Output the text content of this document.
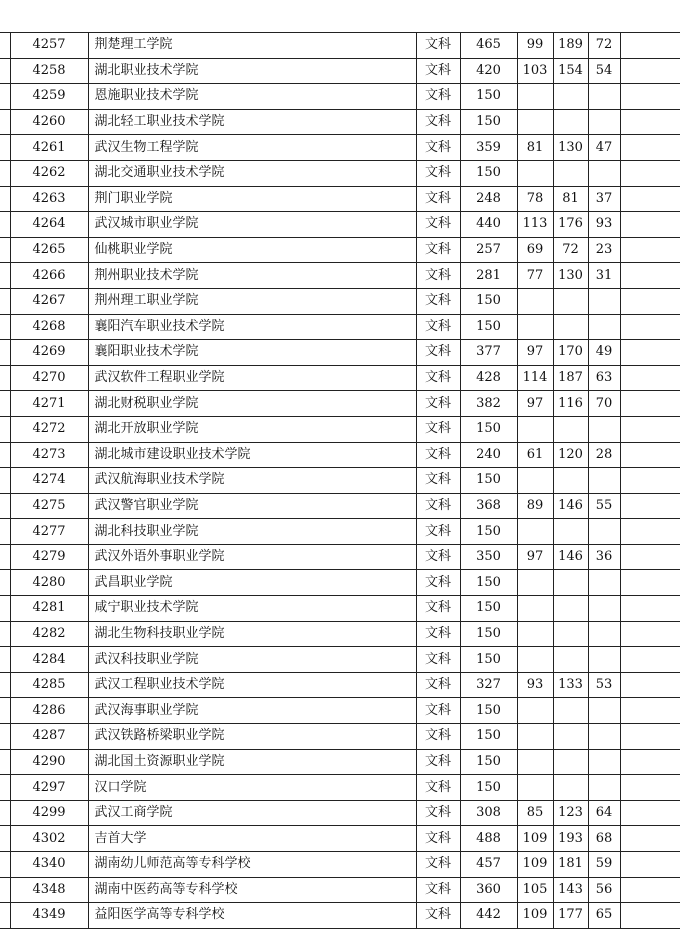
	4257	荆楚理工学院	文科	465	99	189	72	
	4258	湖北职业技术学院	文科	420	103	154	54	
	4259	恩施职业技术学院	文科	150				
	4260	湖北轻工职业技术学院	文科	150				
	4261	武汉生物工程学院	文科	359	81	130	47	
	4262	湖北交通职业技术学院	文科	150				
	4263	荆门职业学院	文科	248	78	81	37	
	4264	武汉城市职业学院	文科	440	113	176	93	
	4265	仙桃职业学院	文科	257	69	72	23	
	4266	荆州职业技术学院	文科	281	77	130	31	
	4267	荆州理工职业学院	文科	150				
	4268	襄阳汽车职业技术学院	文科	150				
	4269	襄阳职业技术学院	文科	377	97	170	49	
	4270	武汉软件工程职业学院	文科	428	114	187	63	
	4271	湖北财税职业学院	文科	382	97	116	70	
	4272	湖北开放职业学院	文科	150				
	4273	湖北城市建设职业技术学院	文科	240	61	120	28	
	4274	武汉航海职业技术学院	文科	150				
	4275	武汉警官职业学院	文科	368	89	146	55	
	4277	湖北科技职业学院	文科	150				
	4279	武汉外语外事职业学院	文科	350	97	146	36	
	4280	武昌职业学院	文科	150				
	4281	咸宁职业技术学院	文科	150				
	4282	湖北生物科技职业学院	文科	150				
	4284	武汉科技职业学院	文科	150				
	4285	武汉工程职业技术学院	文科	327	93	133	53	
	4286	武汉海事职业学院	文科	150				
	4287	武汉铁路桥梁职业学院	文科	150				
	4290	湖北国土资源职业学院	文科	150				
	4297	汉口学院	文科	150				
	4299	武汉工商学院	文科	308	85	123	64	
	4302	吉首大学	文科	488	109	193	68	
	4340	湖南幼儿师范高等专科学校	文科	457	109	181	59	
	4348	湖南中医药高等专科学校	文科	360	105	143	56	
	4349	益阳医学高等专科学校	文科	442	109	177	65	
